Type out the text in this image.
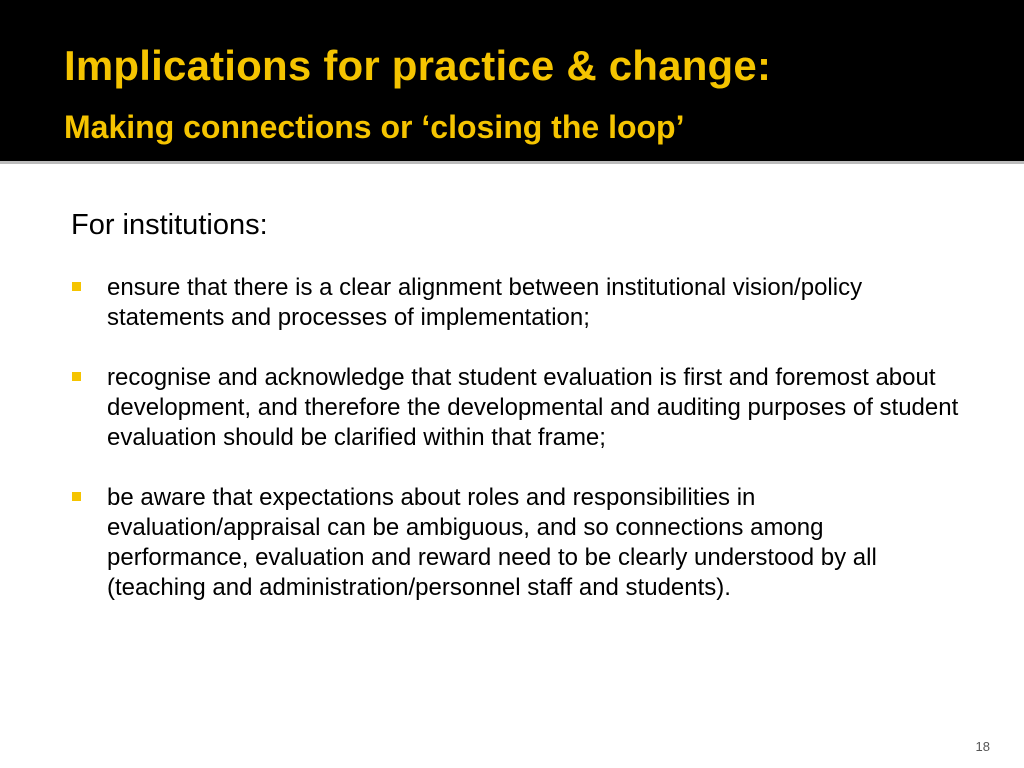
Implications for practice & change:
Making connections or ‘closing the loop’

For institutions:

ensure that there is a clear alignment between institutional vision/policy statements and processes of implementation;
recognise and acknowledge that student evaluation is first and foremost about development, and therefore the developmental and auditing purposes of student evaluation should be clarified within that frame;
be aware that expectations about roles and responsibilities in evaluation/appraisal can be ambiguous, and so connections among performance, evaluation and reward need to be clearly understood by all (teaching and administration/personnel staff and students).
18
